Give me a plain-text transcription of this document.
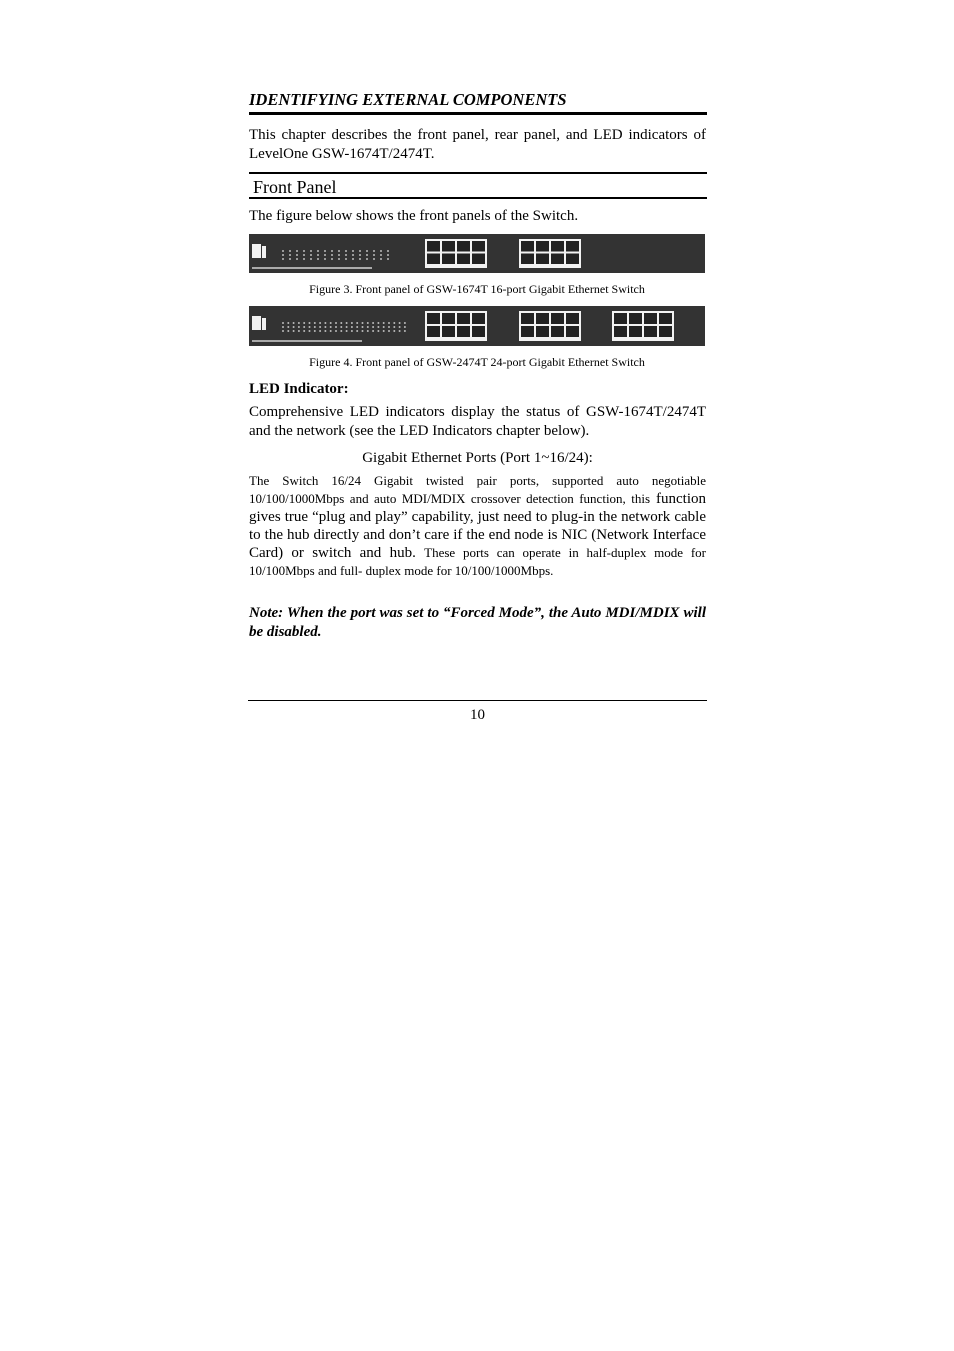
IDENTIFYING EXTERNAL COMPONENTS
This chapter describes the front panel, rear panel, and LED indicators of LevelOne GSW-1674T/2474T.
Front Panel
The figure below shows the front panels of the Switch.
Figure 3. Front panel of GSW-1674T 16-port Gigabit Ethernet Switch
Figure 4. Front panel of GSW-2474T 24-port Gigabit Ethernet Switch
LED Indicator:
Comprehensive LED indicators display the status of GSW-1674T/2474T and the network (see the LED Indicators chapter below).
Gigabit Ethernet Ports (Port 1~16/24):
The Switch 16/24 Gigabit twisted pair ports, supported auto negotiable 10/100/1000Mbps and auto MDI/MDIX crossover detection function, this function gives true “plug and play” capability, just need to plug-in the network cable to the hub directly and don’t care if the end node is NIC (Network Interface Card) or switch and hub. These ports can operate in half-duplex mode for 10/100Mbps and full- duplex mode for 10/100/1000Mbps.
Note: When the port was set to “Forced Mode”, the Auto MDI/MDIX will be disabled.
10
